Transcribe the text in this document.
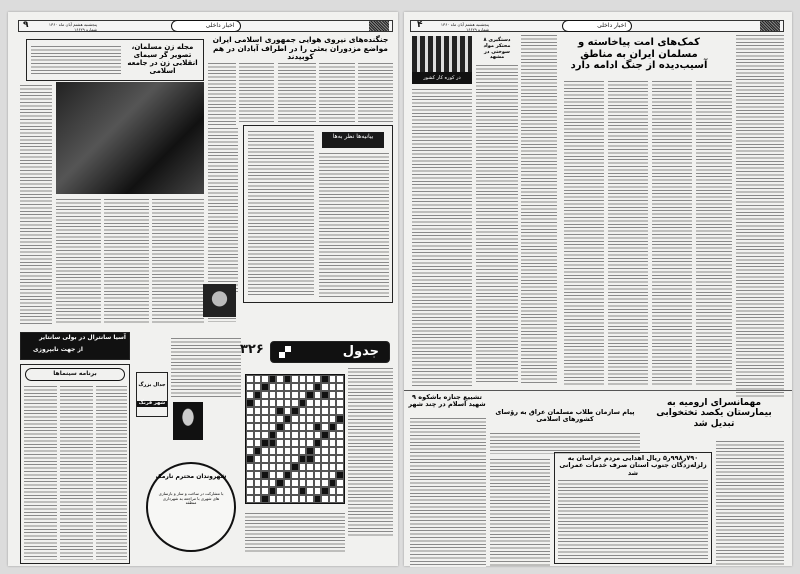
۹	پنجشنبه هشتم آبان ماه ۱۳۶۰ شماره ۱۶۶۲۹
اخبار داخلی
جنگنده‌های نیروی هوایی جمهوری اسلامی ایران مواضع مزدوران بعثی را در اطراف آبادان در هم کوبیدند
مجله زن مسلمان، تصویر گر سیمای انقلابی زن در جامعه اسلامی
بیانیه‌ها نظر به‌ها
آسیا سانترال در بولی سانتایر
از جهت نابپروزی
برنامه سینماها
جدال بزرگ
شهر فرنگ
شهروندان محترم نارمک
با مشارکت در ساخت و ساز و بازسازی های شهری با مراجعه به شهرداری منطقه
جدول
۳۲۶
۴	پنجشنبه هشتم آبان ماه ۱۳۶۰ شماره ۱۶۶۲۹
اخبار داخلی
در کوره کار کشور
دستگیری ۸ محتکر مواد سوختی در مشهد
کمک‌های امت پیاخاسته و مسلمان ایران به مناطق آسیب‌دیده از جنگ ادامه دارد
تشییع جنازه باشکوه ۹ شهید اسلام در چند شهر
پیام سازمان طلاب مسلمان عراق به رؤسای کشورهای اسلامی
مهمانسرای ارومیه به بیمارستان یکصد تختخوابی تبدیل شد
۷۹۰ر۹۹۸ر۵ ریال اهدایی مردم خراسان به زلزله‌زدگان جنوب استان صرف خدمات عمرانی شد
